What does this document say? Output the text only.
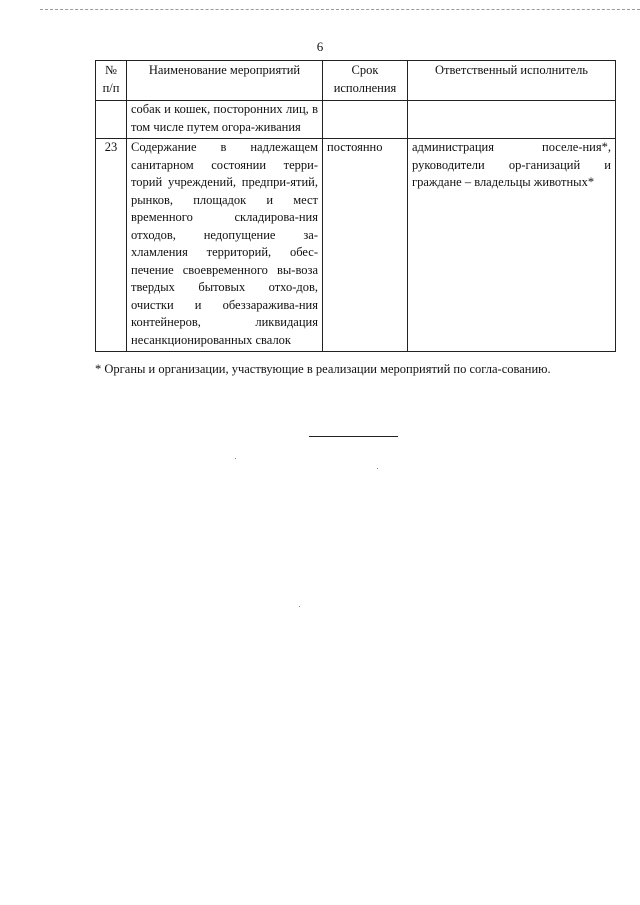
6
№ п/п	Наименование мероприятий	Срок исполнения	Ответственный исполнитель
	собак и кошек, посторонних лиц, в том числе путем огора-живания		
23	Содержание в надлежащем санитарном состоянии терри-торий учреждений, предпри-ятий, рынков, площадок и мест временного складирова-ния отходов, недопущение за-хламления территорий, обес-печение своевременного вы-воза твердых бытовых отхо-дов, очистки и обеззаражива-ния контейнеров, ликвидация несанкционированных свалок	постоянно	администрация поселе-ния*, руководители ор-ганизаций и граждане – владельцы животных*
* Органы и организации, участвующие в реализации мероприятий по согла-сованию.
